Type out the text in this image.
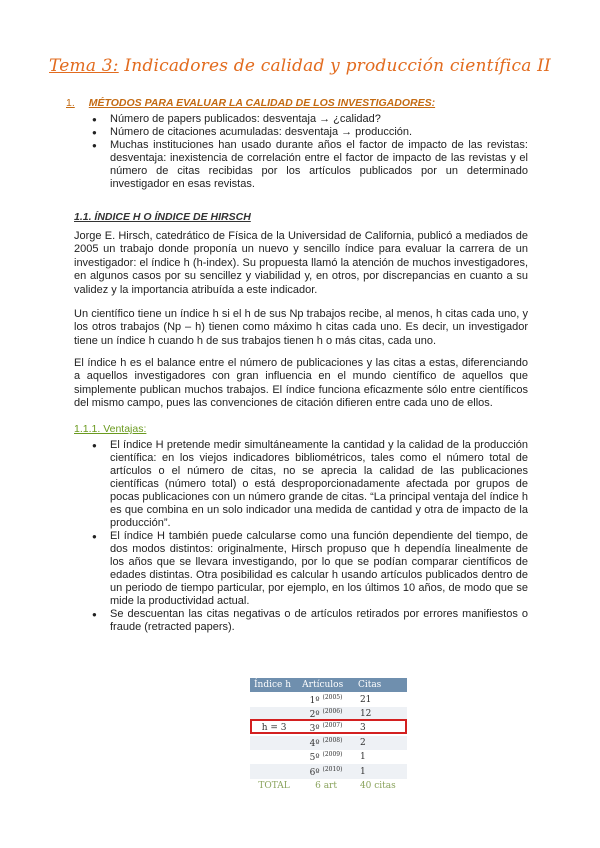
Tema 3: Indicadores de calidad y producción científica II
1. MÉTODOS PARA EVALUAR LA CALIDAD DE LOS INVESTIGADORES:
● Número de papers publicados: desventaja → ¿calidad?
● Número de citaciones acumuladas: desventaja → producción.
● Muchas instituciones han usado durante años el factor de impacto de las revistas: desventaja: inexistencia de correlación entre el factor de impacto de las revistas y el número de citas recibidas por los artículos publicados por un determinado investigador en esas revistas.
1.1. ÍNDICE H O ÍNDICE DE HIRSCH

Jorge E. Hirsch, catedrático de Física de la Universidad de California, publicó a mediados de 2005 un trabajo donde proponía un nuevo y sencillo índice para evaluar la carrera de un investigador: el índice h (h-index). Su propuesta llamó la atención de muchos investigadores, en algunos casos por su sencillez y viabilidad y, en otros, por discrepancias en cuanto a su validez y la importancia atribuída a este indicador.

Un científico tiene un índice h si el h de sus Np trabajos recibe, al menos, h citas cada uno, y los otros trabajos (Np – h) tienen como máximo h citas cada uno. Es decir, un investigador tiene un índice h cuando h de sus trabajos tienen h o más citas, cada uno.

El índice h es el balance entre el número de publicaciones y las citas a estas, diferenciando a aquellos investigadores con gran influencia en el mundo científico de aquellos que simplemente publican muchos trabajos. El índice funciona eficazmente sólo entre científicos del mismo campo, pues las convenciones de citación difieren entre cada uno de ellos.

1.1.1. Ventajas:
● El índice H pretende medir simultáneamente la cantidad y la calidad de la producción científica: en los viejos indicadores bibliométricos, tales como el número total de artículos o el número de citas, no se aprecia la calidad de las publicaciones científicas (número total) o está desproporcionadamente afectada por grupos de pocas publicaciones con un número grande de citas. “La principal ventaja del índice h es que combina en un solo indicador una medida de cantidad y otra de impacto de la producción”.
● El índice H también puede calcularse como una función dependiente del tiempo, de dos modos distintos: originalmente, Hirsch propuso que h dependía linealmente de los años que se llevara investigando, por lo que se podían comparar científicos de edades distintas. Otra posibilidad es calcular h usando artículos publicados dentro de un periodo de tiempo particular, por ejemplo, en los últimos 10 años, de modo que se mide la productividad actual.
● Se descuentan las citas negativas o de artículos retirados por errores manifiestos o fraude (retracted papers).
Índice h	Artículos	Citas
	1º $^{(2005)}$	21
	2º $^{(2006)}$	12
h = 3	3º $^{(2007)}$	3
	4º $^{(2008)}$	2
	5º $^{(2009)}$	1
	6º $^{(2010)}$	1
TOTAL	6 art	40 citas
